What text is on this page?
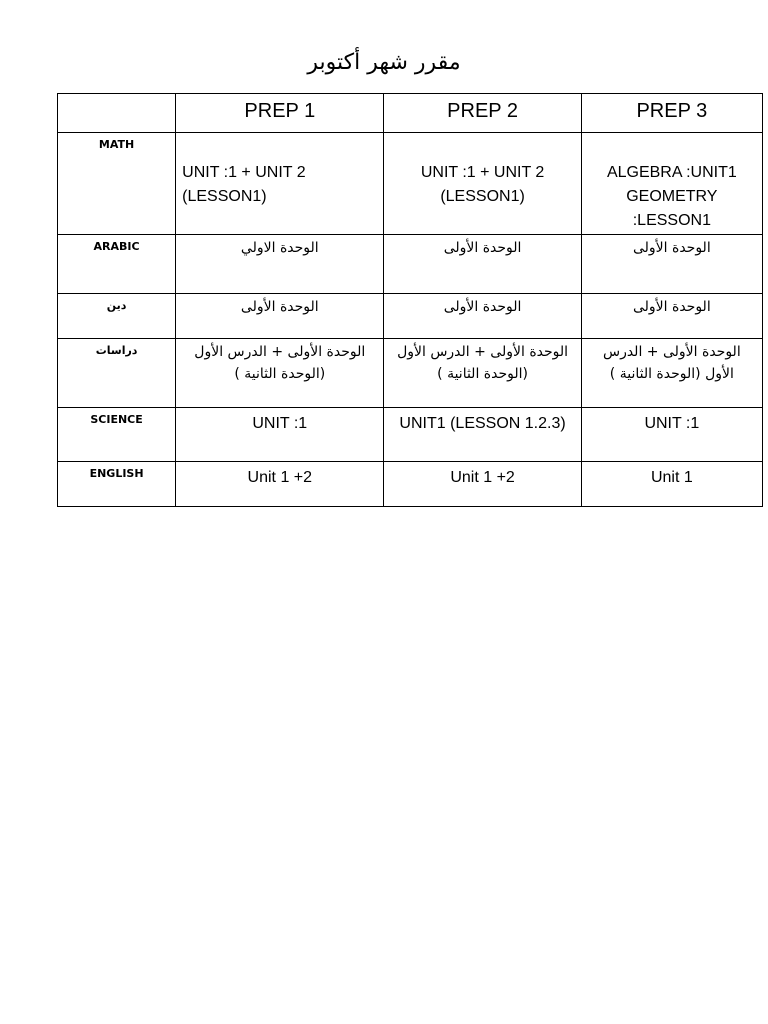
مقرر شهر أكتوبر
	PREP 1	PREP 2	PREP 3
MATH	UNIT :1 + UNIT 2 (LESSON1)	UNIT :1 + UNIT 2 (LESSON1)	ALGEBRA :UNIT1 GEOMETRY :LESSON1
ARABIC	الوحدة الاولي	الوحدة الأولى	الوحدة الأولى
دين	الوحدة الأولى	الوحدة الأولى	الوحدة الأولى
دراسات	الوحدة الأولى + الدرس الأول (الوحدة الثانية )	الوحدة الأولى + الدرس الأول (الوحدة الثانية )	الوحدة الأولى + الدرس الأول (الوحدة الثانية )
SCIENCE	UNIT :1	UNIT1 (LESSON 1.2.3)	UNIT :1
ENGLISH	Unit 1 +2	Unit 1 +2	Unit 1
